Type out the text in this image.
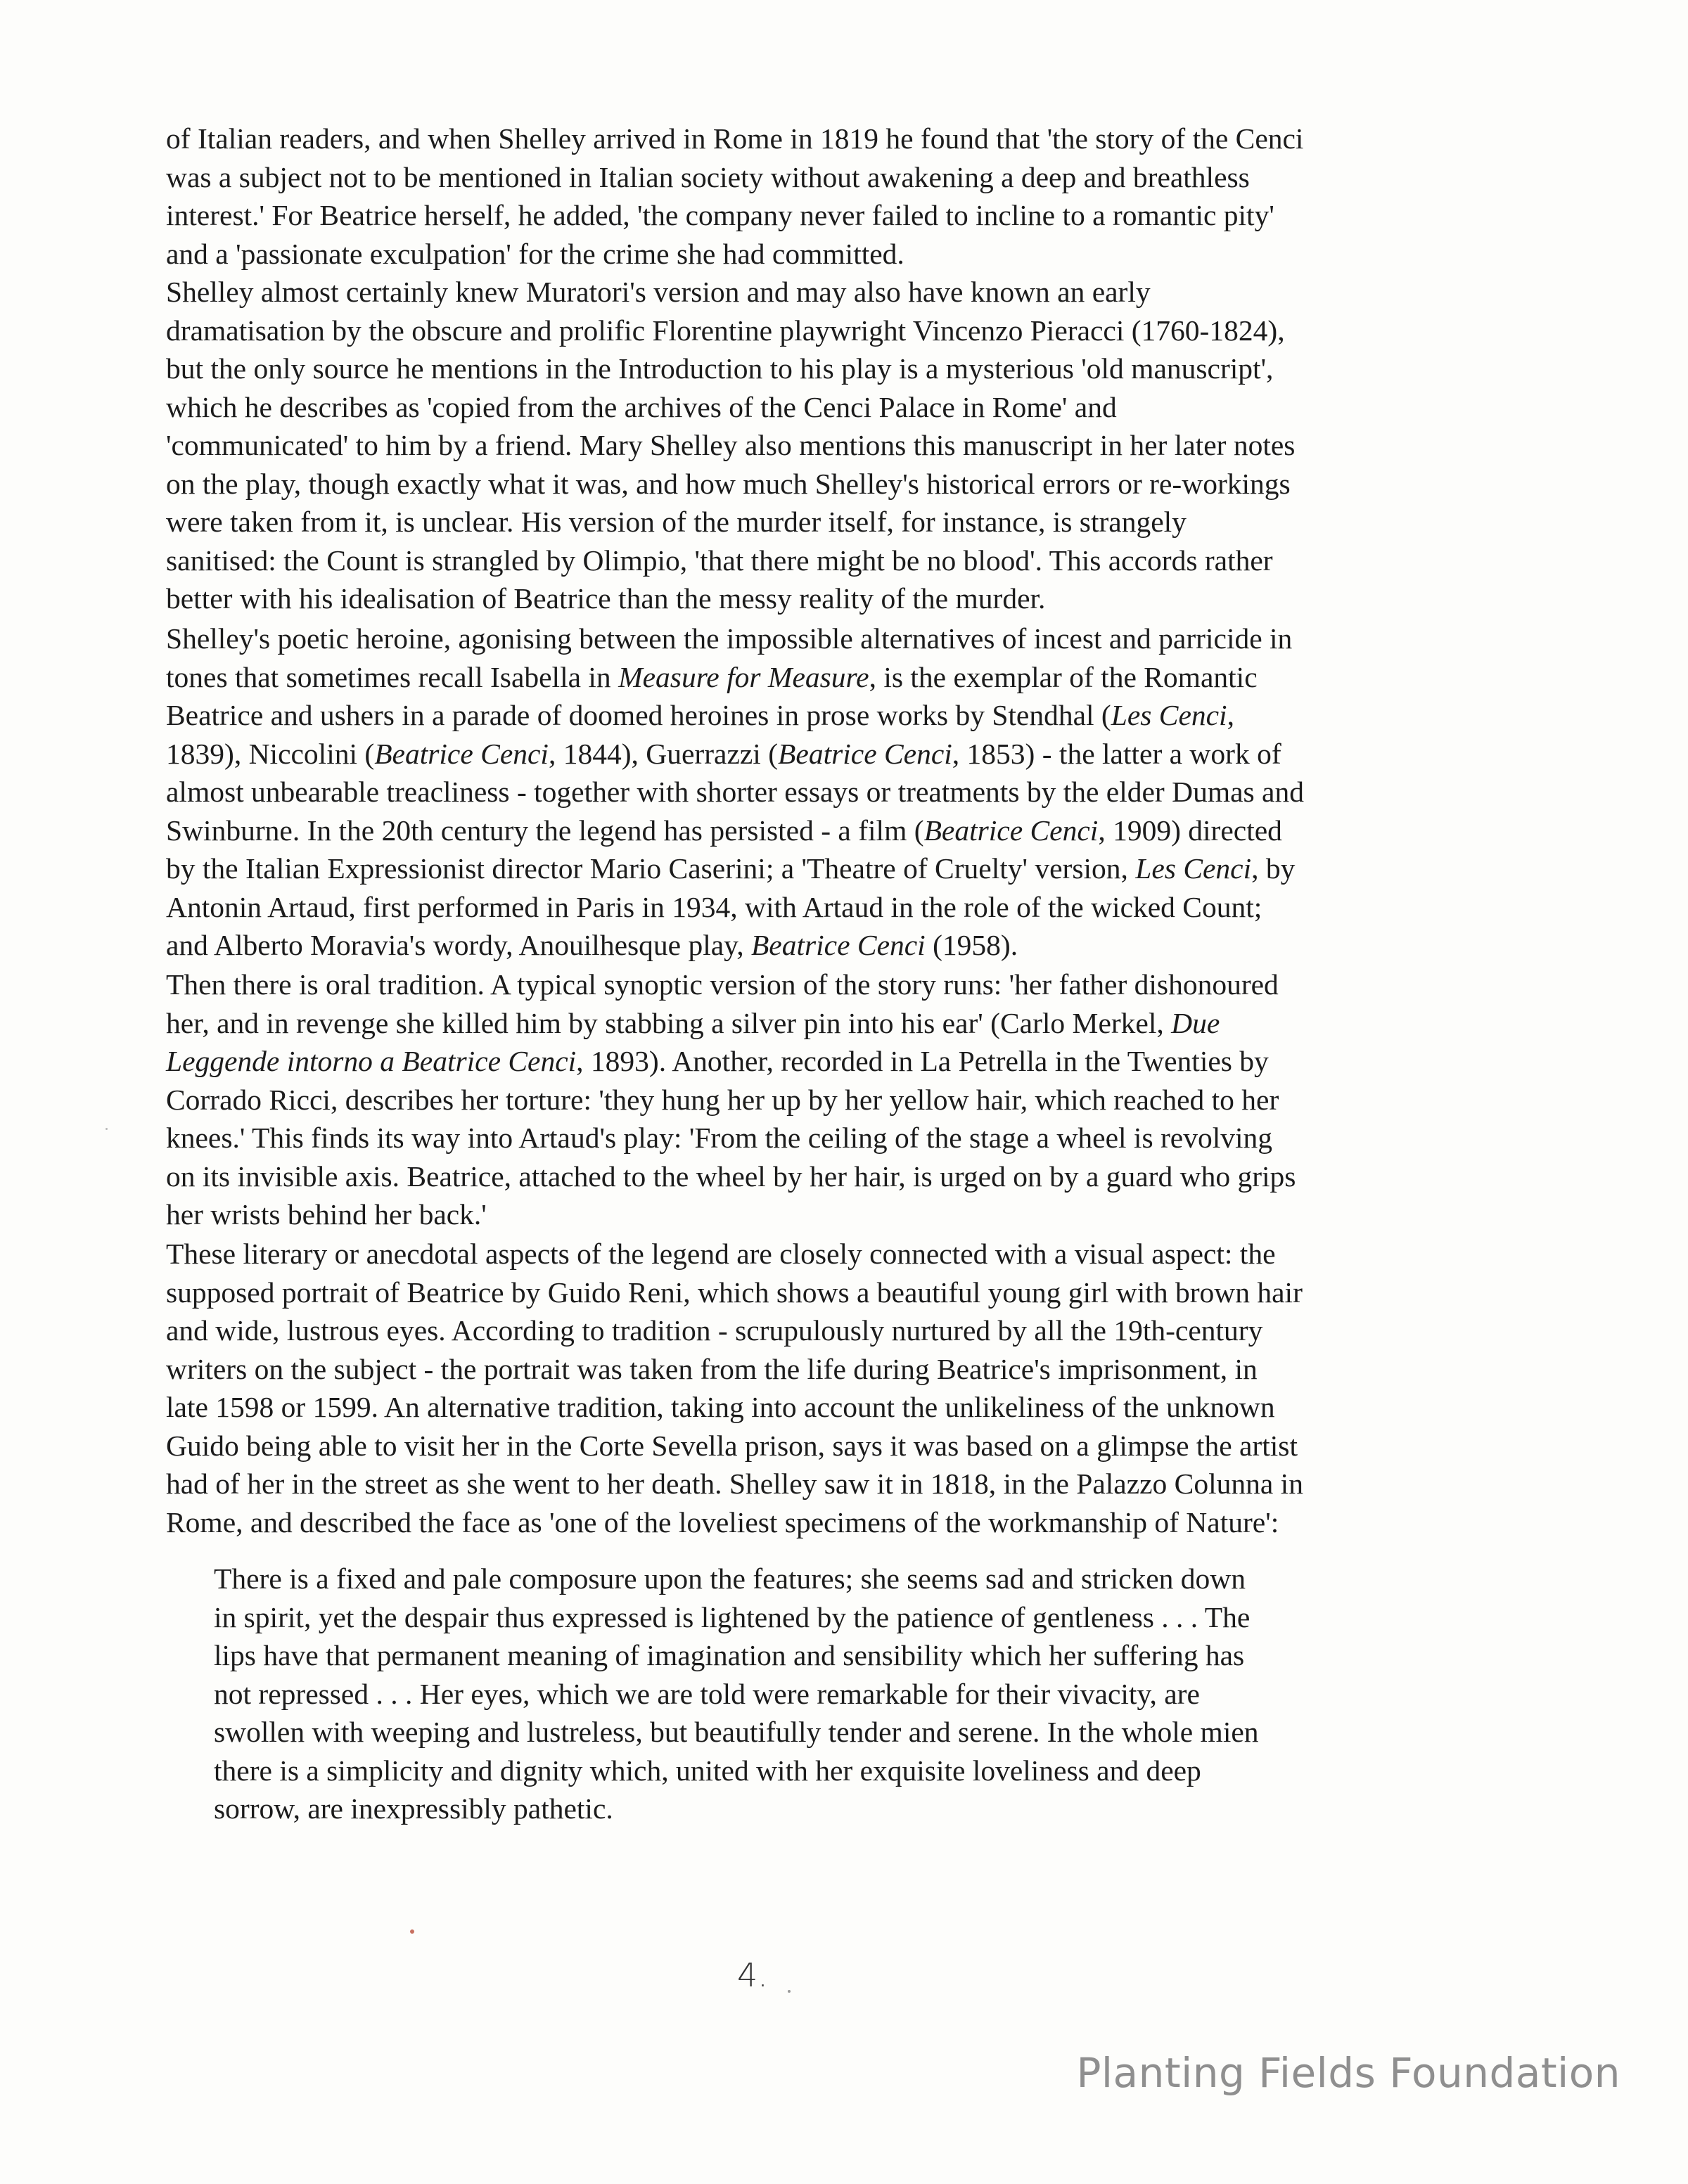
of Italian readers, and when Shelley arrived in Rome in 1819 he found that 'the story of the Cenci
was a subject not to be mentioned in Italian society without awakening a deep and breathless
interest.' For Beatrice herself, he added, 'the company never failed to incline to a romantic pity'
and a 'passionate exculpation' for the crime she had committed.
Shelley almost certainly knew Muratori's version and may also have known an early
dramatisation by the obscure and prolific Florentine playwright Vincenzo Pieracci (1760-1824),
but the only source he mentions in the Introduction to his play is a mysterious 'old manuscript',
which he describes as 'copied from the archives of the Cenci Palace in Rome' and
'communicated' to him by a friend. Mary Shelley also mentions this manuscript in her later notes
on the play, though exactly what it was, and how much Shelley's historical errors or re-workings
were taken from it, is unclear. His version of the murder itself, for instance, is strangely
sanitised: the Count is strangled by Olimpio, 'that there might be no blood'. This accords rather
better with his idealisation of Beatrice than the messy reality of the murder.
Shelley's poetic heroine, agonising between the impossible alternatives of incest and parricide in
tones that sometimes recall Isabella in Measure for Measure, is the exemplar of the Romantic
Beatrice and ushers in a parade of doomed heroines in prose works by Stendhal (Les Cenci,
1839), Niccolini (Beatrice Cenci, 1844), Guerrazzi (Beatrice Cenci, 1853) - the latter a work of
almost unbearable treacliness - together with shorter essays or treatments by the elder Dumas and
Swinburne. In the 20th century the legend has persisted - a film (Beatrice Cenci, 1909) directed
by the Italian Expressionist director Mario Caserini; a 'Theatre of Cruelty' version, Les Cenci, by
Antonin Artaud, first performed in Paris in 1934, with Artaud in the role of the wicked Count;
and Alberto Moravia's wordy, Anouilhesque play, Beatrice Cenci (1958).
Then there is oral tradition. A typical synoptic version of the story runs: 'her father dishonoured
her, and in revenge she killed him by stabbing a silver pin into his ear' (Carlo Merkel, Due
Leggende intorno a Beatrice Cenci, 1893). Another, recorded in La Petrella in the Twenties by
Corrado Ricci, describes her torture: 'they hung her up by her yellow hair, which reached to her
knees.' This finds its way into Artaud's play: 'From the ceiling of the stage a wheel is revolving
on its invisible axis. Beatrice, attached to the wheel by her hair, is urged on by a guard who grips
her wrists behind her back.'
These literary or anecdotal aspects of the legend are closely connected with a visual aspect: the
supposed portrait of Beatrice by Guido Reni, which shows a beautiful young girl with brown hair
and wide, lustrous eyes. According to tradition - scrupulously nurtured by all the 19th-century
writers on the subject - the portrait was taken from the life during Beatrice's imprisonment, in
late 1598 or 1599. An alternative tradition, taking into account the unlikeliness of the unknown
Guido being able to visit her in the Corte Sevella prison, says it was based on a glimpse the artist
had of her in the street as she went to her death. Shelley saw it in 1818, in the Palazzo Colunna in
Rome, and described the face as 'one of the loveliest specimens of the workmanship of Nature':
There is a fixed and pale composure upon the features; she seems sad and stricken down
in spirit, yet the despair thus expressed is lightened by the patience of gentleness . . . The
lips have that permanent meaning of imagination and sensibility which her suffering has
not repressed . . . Her eyes, which we are told were remarkable for their vivacity, are
swollen with weeping and lustreless, but beautifully tender and serene. In the whole mien
there is a simplicity and dignity which, united with her exquisite loveliness and deep
sorrow, are inexpressibly pathetic.
4.
Planting Fields Foundation
